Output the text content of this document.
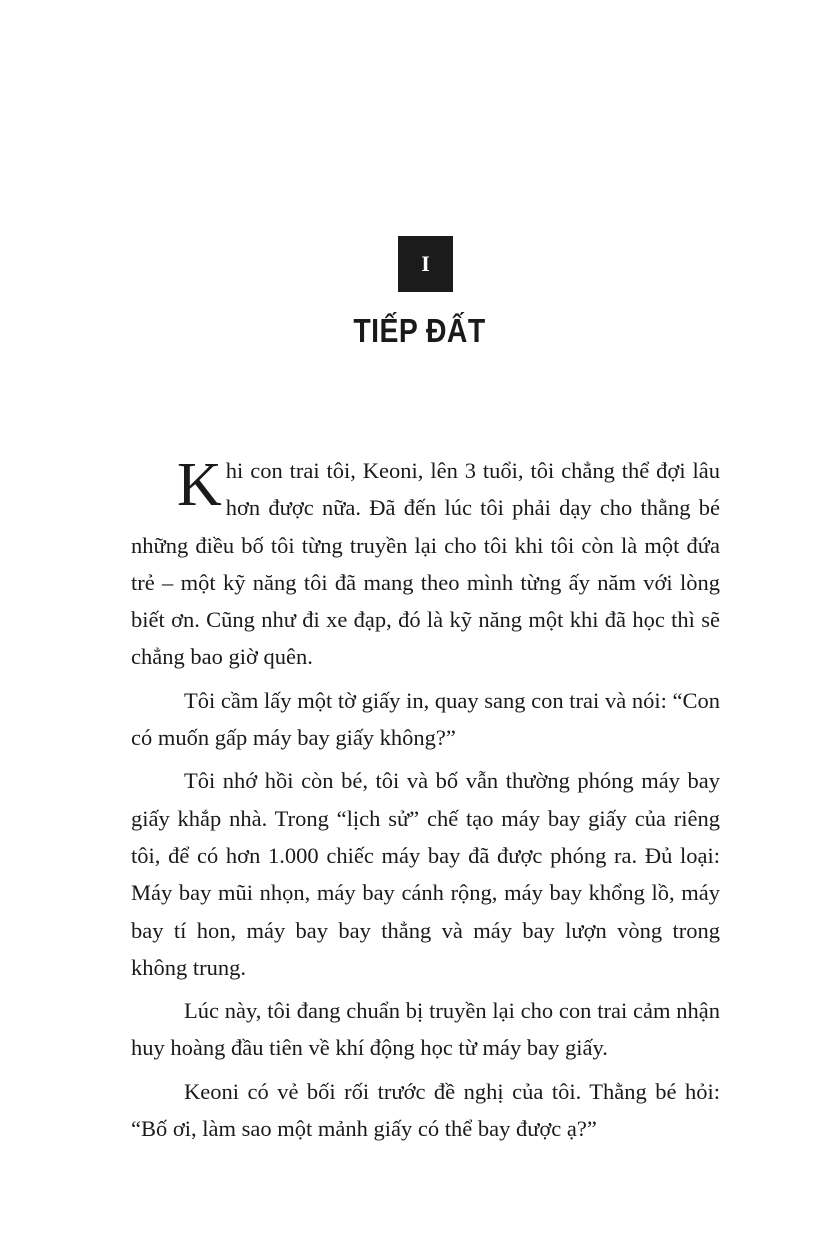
I
TIẾP ĐẤT

Khi con trai tôi, Keoni, lên 3 tuổi, tôi chẳng thể đợi lâu hơn được nữa. Đã đến lúc tôi phải dạy cho thằng bé những điều bố tôi từng truyền lại cho tôi khi tôi còn là một đứa trẻ – một kỹ năng tôi đã mang theo mình từng ấy năm với lòng biết ơn. Cũng như đi xe đạp, đó là kỹ năng một khi đã học thì sẽ chẳng bao giờ quên.

Tôi cầm lấy một tờ giấy in, quay sang con trai và nói: “Con có muốn gấp máy bay giấy không?”

Tôi nhớ hồi còn bé, tôi và bố vẫn thường phóng máy bay giấy khắp nhà. Trong “lịch sử” chế tạo máy bay giấy của riêng tôi, để có hơn 1.000 chiếc máy bay đã được phóng ra. Đủ loại: Máy bay mũi nhọn, máy bay cánh rộng, máy bay khổng lồ, máy bay tí hon, máy bay bay thẳng và máy bay lượn vòng trong không trung.

Lúc này, tôi đang chuẩn bị truyền lại cho con trai cảm nhận huy hoàng đầu tiên về khí động học từ máy bay giấy.

Keoni có vẻ bối rối trước đề nghị của tôi. Thằng bé hỏi: “Bố ơi, làm sao một mảnh giấy có thể bay được ạ?”
